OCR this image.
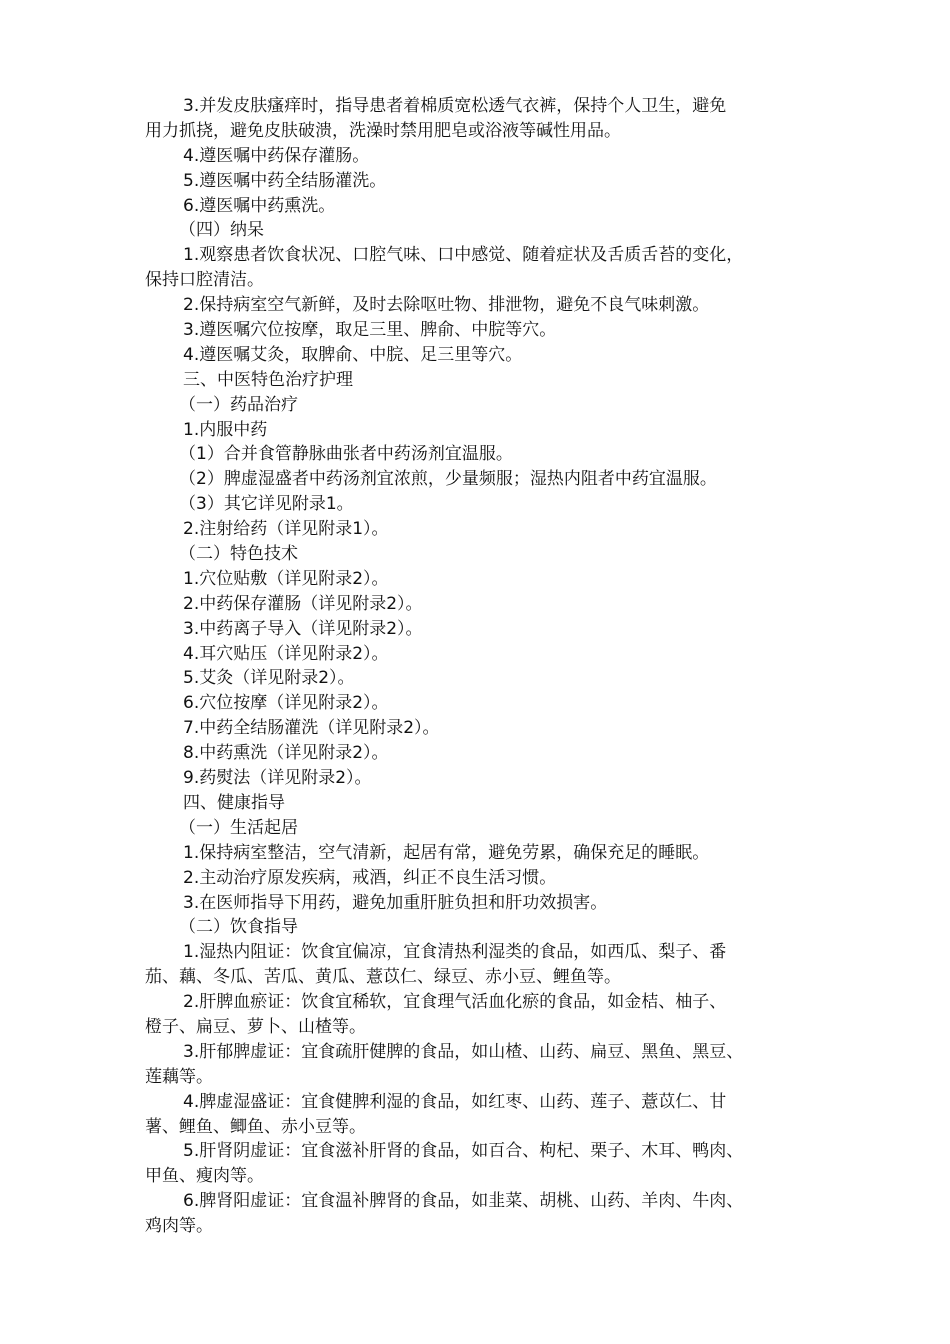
3.并发皮肤瘙痒时，指导患者着棉质宽松透气衣裤，保持个人卫生，避免
用力抓挠，避免皮肤破溃，洗澡时禁用肥皂或浴液等碱性用品。
4.遵医嘱中药保存灌肠。
5.遵医嘱中药全结肠灌洗。
6.遵医嘱中药熏洗。
（四）纳呆
1.观察患者饮食状况、口腔气味、口中感觉、随着症状及舌质舌苔的变化，
保持口腔清洁。
2.保持病室空气新鲜，及时去除呕吐物、排泄物，避免不良气味刺激。
3.遵医嘱穴位按摩，取足三里、脾俞、中脘等穴。
4.遵医嘱艾灸，取脾俞、中脘、足三里等穴。
三、中医特色治疗护理
（一）药品治疗
1.内服中药
（1）合并食管静脉曲张者中药汤剂宜温服。
（2）脾虚湿盛者中药汤剂宜浓煎，少量频服；湿热内阻者中药宜温服。
（3）其它详见附录1。
2.注射给药（详见附录1）。
（二）特色技术
1.穴位贴敷（详见附录2）。
2.中药保存灌肠（详见附录2）。
3.中药离子导入（详见附录2）。
4.耳穴贴压（详见附录2）。
5.艾灸（详见附录2）。
6.穴位按摩（详见附录2）。
7.中药全结肠灌洗（详见附录2）。
8.中药熏洗（详见附录2）。
9.药熨法（详见附录2）。
四、健康指导
（一）生活起居
1.保持病室整洁，空气清新，起居有常，避免劳累，确保充足的睡眠。
2.主动治疗原发疾病，戒酒，纠正不良生活习惯。
3.在医师指导下用药，避免加重肝脏负担和肝功效损害。
（二）饮食指导
1.湿热内阻证：饮食宜偏凉，宜食清热利湿类的食品，如西瓜、梨子、番
茄、藕、冬瓜、苦瓜、黄瓜、薏苡仁、绿豆、赤小豆、鲤鱼等。
2.肝脾血瘀证：饮食宜稀软，宜食理气活血化瘀的食品，如金桔、柚子、
橙子、扁豆、萝卜、山楂等。
3.肝郁脾虚证：宜食疏肝健脾的食品，如山楂、山药、扁豆、黑鱼、黑豆、
莲藕等。
4.脾虚湿盛证：宜食健脾利湿的食品，如红枣、山药、莲子、薏苡仁、甘
薯、鲤鱼、鲫鱼、赤小豆等。
5.肝肾阴虚证：宜食滋补肝肾的食品，如百合、枸杞、栗子、木耳、鸭肉、
甲鱼、瘦肉等。
6.脾肾阳虚证：宜食温补脾肾的食品，如韭菜、胡桃、山药、羊肉、牛肉、
鸡肉等。
